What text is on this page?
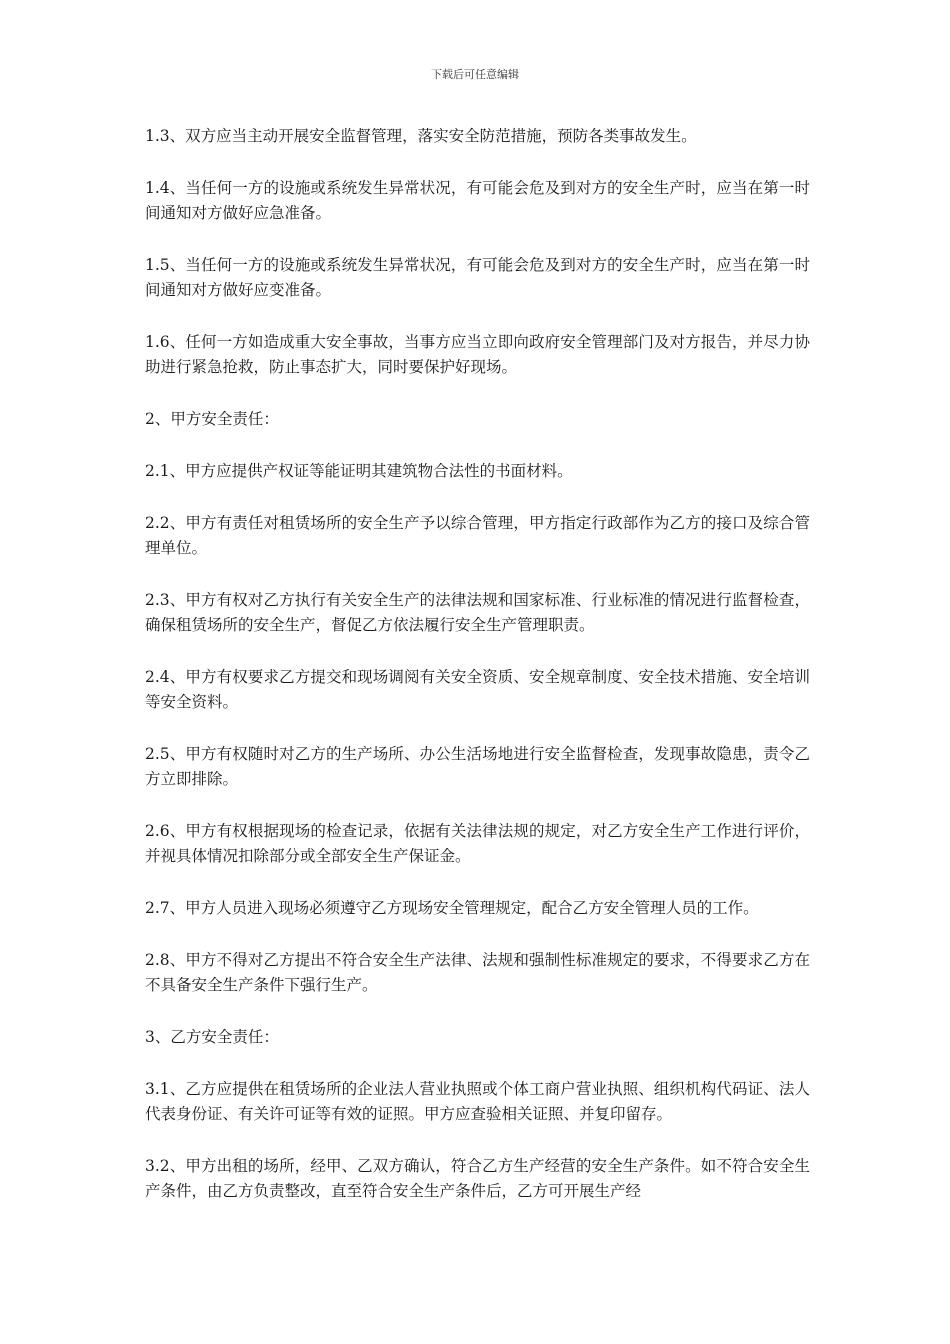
下载后可任意编辑

1.3、双方应当主动开展安全监督管理，落实安全防范措施，预防各类事故发生。

1.4、当任何一方的设施或系统发生异常状况，有可能会危及到对方的安全生产时，应当在第一时间通知对方做好应急准备。

1.5、当任何一方的设施或系统发生异常状况，有可能会危及到对方的安全生产时，应当在第一时间通知对方做好应变准备。

1.6、任何一方如造成重大安全事故，当事方应当立即向政府安全管理部门及对方报告，并尽力协助进行紧急抢救，防止事态扩大，同时要保护好现场。

2、甲方安全责任：

2.1、甲方应提供产权证等能证明其建筑物合法性的书面材料。

2.2、甲方有责任对租赁场所的安全生产予以综合管理，甲方指定行政部作为乙方的接口及综合管理单位。

2.3、甲方有权对乙方执行有关安全生产的法律法规和国家标准、行业标准的情况进行监督检查，确保租赁场所的安全生产，督促乙方依法履行安全生产管理职责。

2.4、甲方有权要求乙方提交和现场调阅有关安全资质、安全规章制度、安全技术措施、安全培训等安全资料。

2.5、甲方有权随时对乙方的生产场所、办公生活场地进行安全监督检查，发现事故隐患，责令乙方立即排除。

2.6、甲方有权根据现场的检查记录，依据有关法律法规的规定，对乙方安全生产工作进行评价，并视具体情况扣除部分或全部安全生产保证金。

2.7、甲方人员进入现场必须遵守乙方现场安全管理规定，配合乙方安全管理人员的工作。

2.8、甲方不得对乙方提出不符合安全生产法律、法规和强制性标准规定的要求，不得要求乙方在不具备安全生产条件下强行生产。

3、乙方安全责任：

3.1、乙方应提供在租赁场所的企业法人营业执照或个体工商户营业执照、组织机构代码证、法人代表身份证、有关许可证等有效的证照。甲方应查验相关证照、并复印留存。

3.2、甲方出租的场所，经甲、乙双方确认，符合乙方生产经营的安全生产条件。如不符合安全生产条件，由乙方负责整改，直至符合安全生产条件后，乙方可开展生产经
